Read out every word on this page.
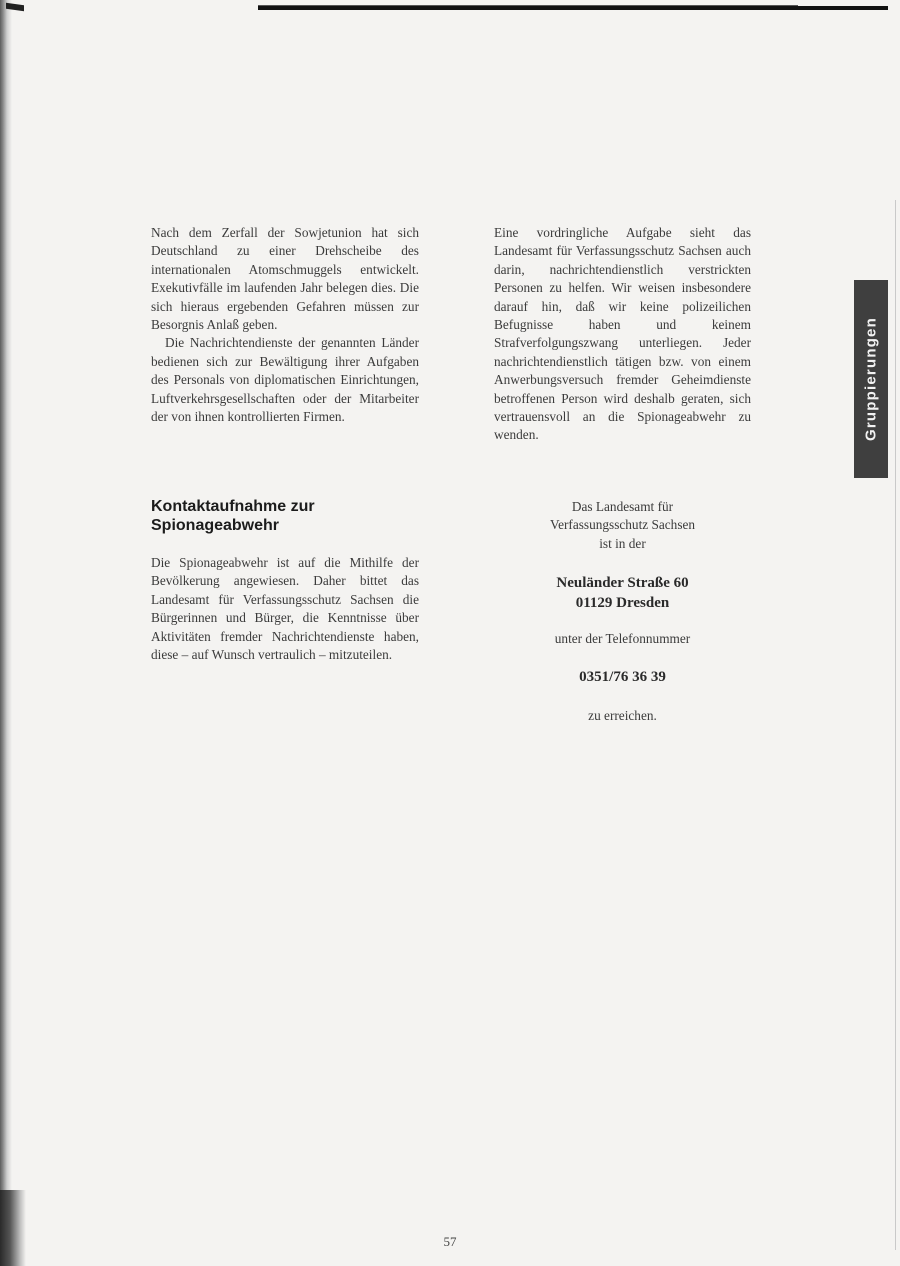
Nach dem Zerfall der Sowjetunion hat sich Deutschland zu einer Drehscheibe des internationalen Atomschmuggels entwickelt. Exekutivfälle im laufenden Jahr belegen dies. Die sich hieraus ergebenden Gefahren müssen zur Besorgnis Anlaß geben.

Die Nachrichtendienste der genannten Länder bedienen sich zur Bewältigung ihrer Aufgaben des Personals von diplomatischen Einrichtungen, Luftverkehrsgesellschaften oder der Mitarbeiter der von ihnen kontrollierten Firmen.

Eine vordringliche Aufgabe sieht das Landesamt für Verfassungsschutz Sachsen auch darin, nachrichtendienstlich verstrickten Personen zu helfen. Wir weisen insbesondere darauf hin, daß wir keine polizeilichen Befugnisse haben und keinem Strafverfolgungszwang unterliegen. Jeder nachrichtendienstlich tätigen bzw. von einem Anwerbungsversuch fremder Geheimdienste betroffenen Person wird deshalb geraten, sich vertrauensvoll an die Spionageabwehr zu wenden.

Kontaktaufnahme zur Spionageabwehr

Die Spionageabwehr ist auf die Mithilfe der Bevölkerung angewiesen. Daher bittet das Landesamt für Verfassungsschutz Sachsen die Bürgerinnen und Bürger, die Kenntnisse über Aktivitäten fremder Nachrichtendienste haben, diese – auf Wunsch vertraulich – mitzuteilen.

Das Landesamt für
Verfassungsschutz Sachsen
ist in der

Neuländer Straße 60
01129 Dresden

unter der Telefonnummer

0351/76 36 39

zu erreichen.

Gruppierungen
57
